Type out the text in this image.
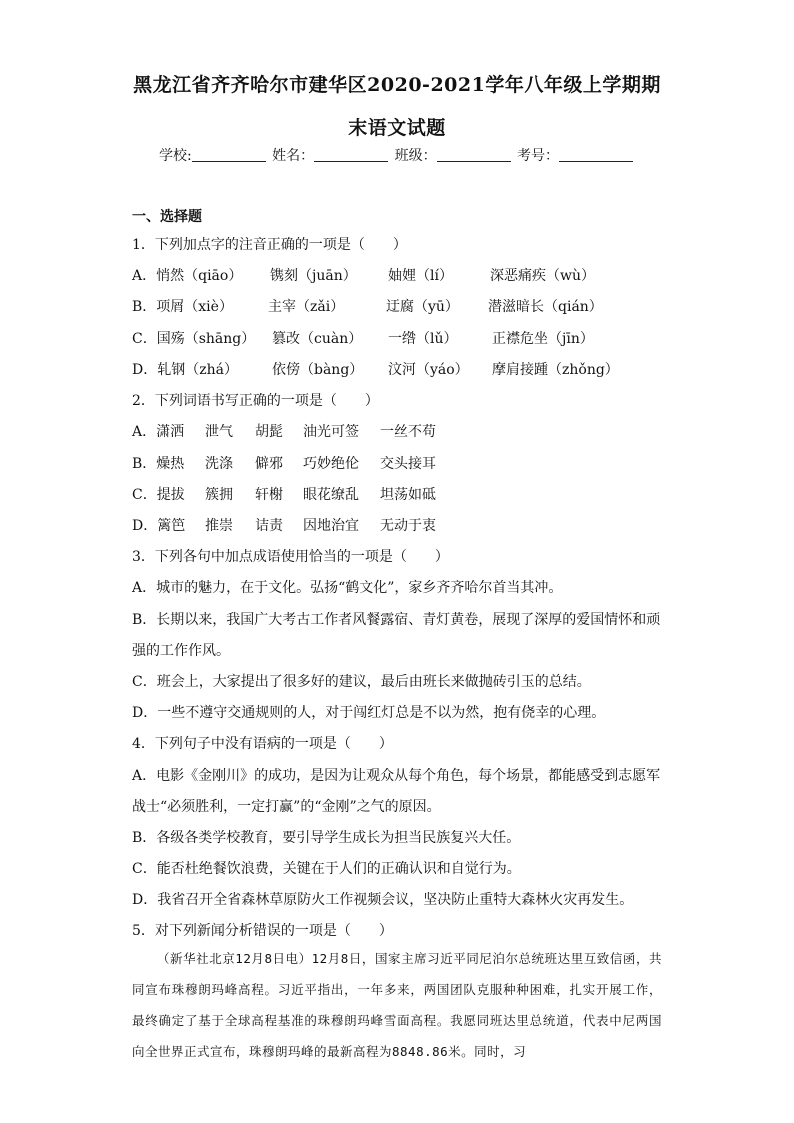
黑龙江省齐齐哈尔市建华区2020-2021学年八年级上学期期
末语文试题
学校:	姓名：	班级：	考号：
一、选择题
1．下列加点字的注音正确的一项是（　　）
A．悄然（qiāo） 镌刻（juān） 妯娌（lí）	深恶痛疾（wù）
B．项屑（xiè）	主宰（zǎi）	迂腐（yū） 潜滋暗长（qián）
C．国殇（shāng） 篡改（cuàn） 一绺（lǔ） 正襟危坐（jīn）
D．轧钢（zhá） 依傍（bàng） 汶河（yáo） 摩肩接踵（zhǒng）
2．下列词语书写正确的一项是（　　）
A．潇洒 泄气 胡髭 油光可签 一丝不苟
B．燥热 洗涤 僻邪 巧妙绝伦 交头接耳
C．提拔 簇拥 轩榭 眼花缭乱 坦荡如砥
D．篱笆 推崇 诘责 因地治宜 无动于衷
3．下列各句中加点成语使用恰当的一项是（　　）
A．城市的魅力，在于文化。弘扬“鹤文化”，家乡齐齐哈尔首当其冲。
B．长期以来，我国广大考古工作者风餐露宿、青灯黄卷，展现了深厚的爱国情怀和顽
强的工作作风。
C．班会上，大家提出了很多好的建议，最后由班长来做抛砖引玉的总结。
D．一些不遵守交通规则的人，对于闯红灯总是不以为然，抱有侥幸的心理。
4．下列句子中没有语病的一项是（　　）
A．电影《金刚川》的成功，是因为让观众从每个角色，每个场景，都能感受到志愿军
战士“必须胜利，一定打赢”的“金刚”之气的原因。
B．各级各类学校教育，要引导学生成长为担当民族复兴大任。
C．能否杜绝餐饮浪费，关键在于人们的正确认识和自觉行为。
D．我省召开全省森林草原防火工作视频会议，坚决防止重特大森林火灾再发生。
5．对下列新闻分析错误的一项是（　　）
（新华社北京12月8日电）12月8日，国家主席习近平同尼泊尔总统班达里互致信函，共同宣布珠穆朗玛峰高程。习近平指出，一年多来，两国团队克服种种困难，扎实开展工作，最终确定了基于全球高程基准的珠穆朗玛峰雪面高程。我愿同班达里总统道，代表中尼两国向全世界正式宣布，珠穆朗玛峰的最新高程为8848.86米。同时，习
